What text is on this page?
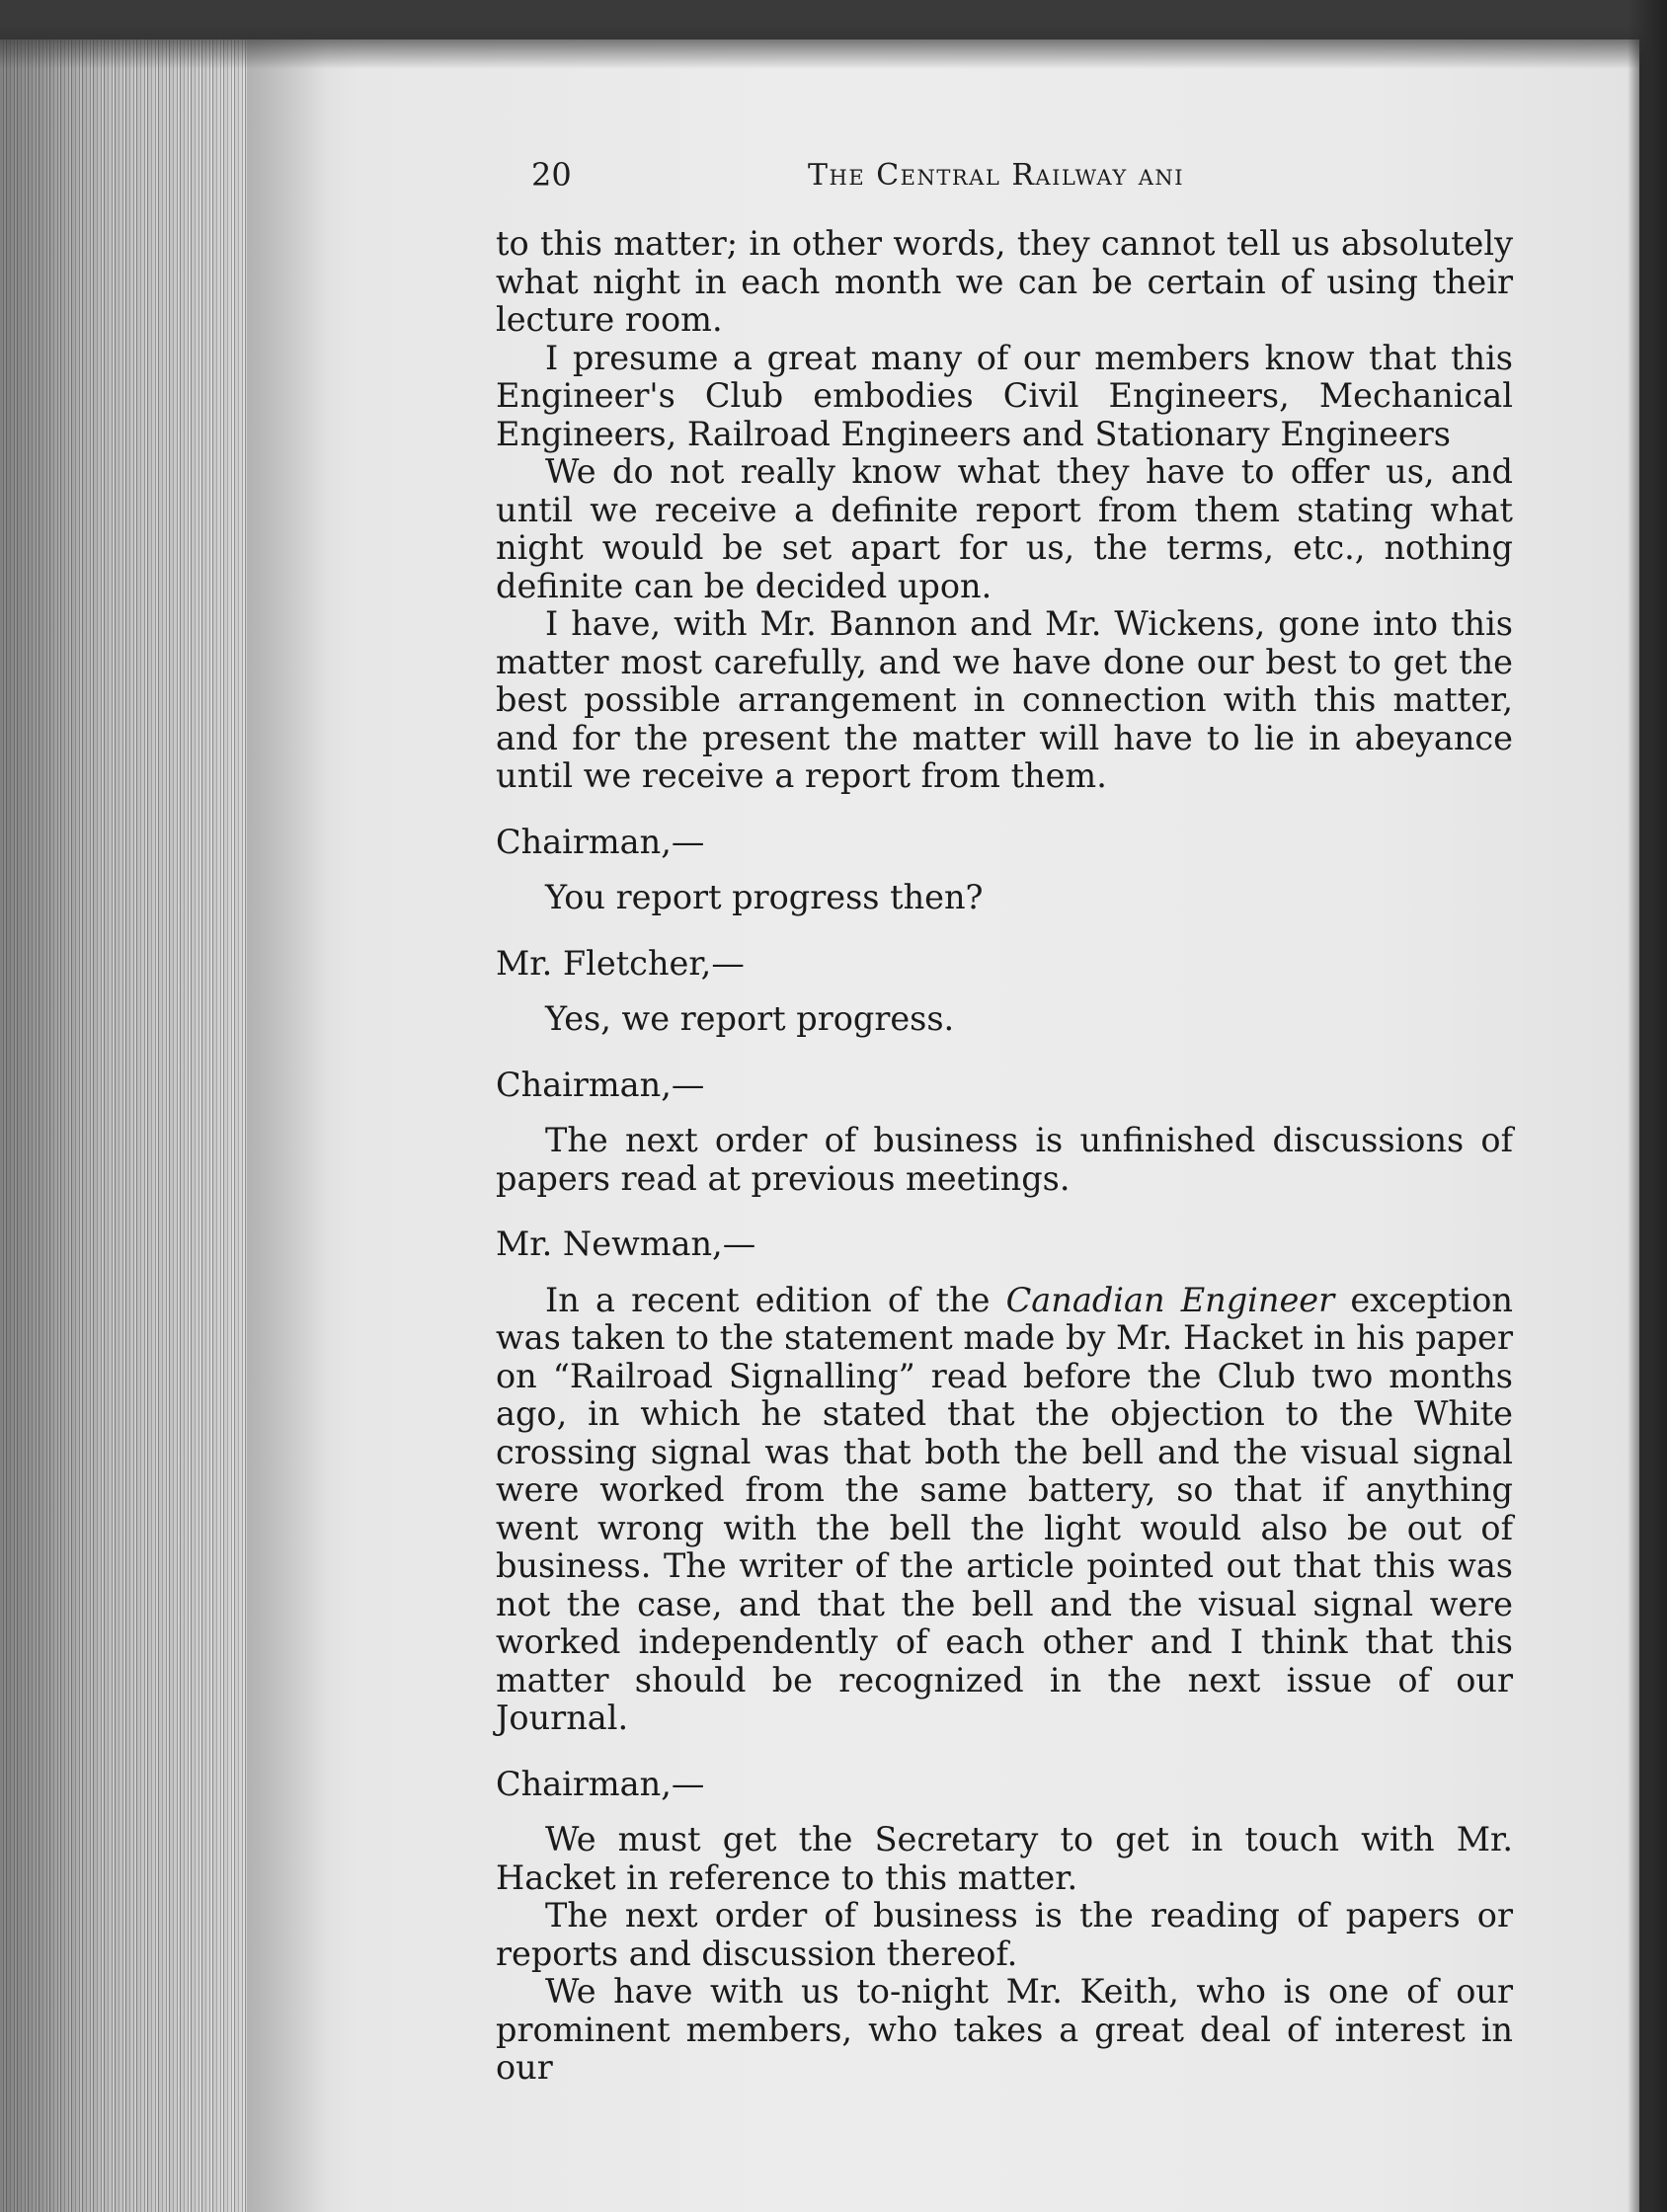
20	The Central Railway ani

to this matter; in other words, they cannot tell us absolutely what night in each month we can be certain of using their lecture room.

I presume a great many of our members know that this Engineer's Club embodies Civil Engineers, Mechanical Engineers, Railroad Engineers and Stationary Engineers

We do not really know what they have to offer us, and until we receive a definite report from them stating what night would be set apart for us, the terms, etc., nothing definite can be decided upon.

I have, with Mr. Bannon and Mr. Wickens, gone into this matter most carefully, and we have done our best to get the best possible arrangement in connection with this matter, and for the present the matter will have to lie in abeyance until we receive a report from them.

Chairman,—

You report progress then?

Mr. Fletcher,—

Yes, we report progress.

Chairman,—

The next order of business is unfinished discussions of papers read at previous meetings.

Mr. Newman,—

In a recent edition of the Canadian Engineer exception was taken to the statement made by Mr. Hacket in his paper on “Railroad Signalling” read before the Club two months ago, in which he stated that the objection to the White crossing signal was that both the bell and the visual signal were worked from the same battery, so that if anything went wrong with the bell the light would also be out of business. The writer of the article pointed out that this was not the case, and that the bell and the visual signal were worked independently of each other and I think that this matter should be recognized in the next issue of our Journal.

Chairman,—

We must get the Secretary to get in touch with Mr. Hacket in reference to this matter.

The next order of business is the reading of papers or reports and discussion thereof.

We have with us to-night Mr. Keith, who is one of our prominent members, who takes a great deal of interest in our
